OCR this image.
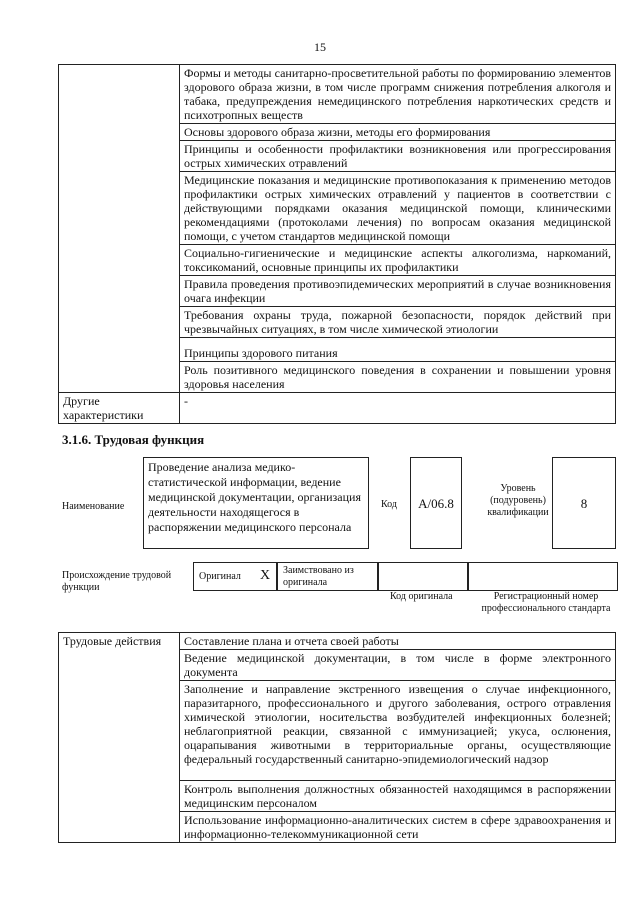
15
	Формы и методы санитарно-просветительной работы по формированию элементов здорового образа жизни, в том числе программ снижения потребления алкоголя и табака, предупреждения немедицинского потребления наркотических средств и психотропных веществ
	Основы здорового образа жизни, методы его формирования
	Принципы и особенности профилактики возникновения или прогрессирования острых химических отравлений
	Медицинские показания и медицинские противопоказания к применению методов профилактики острых химических отравлений у пациентов в соответствии с действующими порядками оказания медицинской помощи, клиническими рекомендациями (протоколами лечения) по вопросам оказания медицинской помощи, с учетом стандартов медицинской помощи
	Социально-гигиенические и медицинские аспекты алкоголизма, наркоманий, токсикоманий, основные принципы их профилактики
	Правила проведения противоэпидемических мероприятий в случае возникновения очага инфекции
	Требования охраны труда, пожарной безопасности, порядок действий при чрезвычайных ситуациях, в том числе химической этиологии
	Принципы здорового питания
	Роль позитивного медицинского поведения в сохранении и повышении уровня здоровья населения
Другие характеристики	-
3.1.6. Трудовая функция
Наименование
Проведение анализа медико-статистической информации, ведение медицинской документации, организация деятельности находящегося в распоряжении медицинского персонала
Код	А/06.8
Уровень (подуровень) квалификации
8
Происхождение трудовой функции
Оригинал X Заимствовано из оригинала
Код оригинала	Регистрационный номер профессионального стандарта
Трудовые действия	Составление плана и отчета своей работы
Ведение медицинской документации, в том числе в форме электронного документа
Заполнение и направление экстренного извещения о случае инфекционного, паразитарного, профессионального и другого заболевания, острого отравления химической этиологии, носительства возбудителей инфекционных болезней; неблагоприятной реакции, связанной с иммунизацией; укуса, ослюнения, оцарапывания животными в территориальные органы, осуществляющие федеральный государственный санитарно-эпидемиологический надзор
Контроль выполнения должностных обязанностей находящимся в распоряжении медицинским персоналом
Использование информационно-аналитических систем в сфере здравоохранения и информационно-телекоммуникационной сети
